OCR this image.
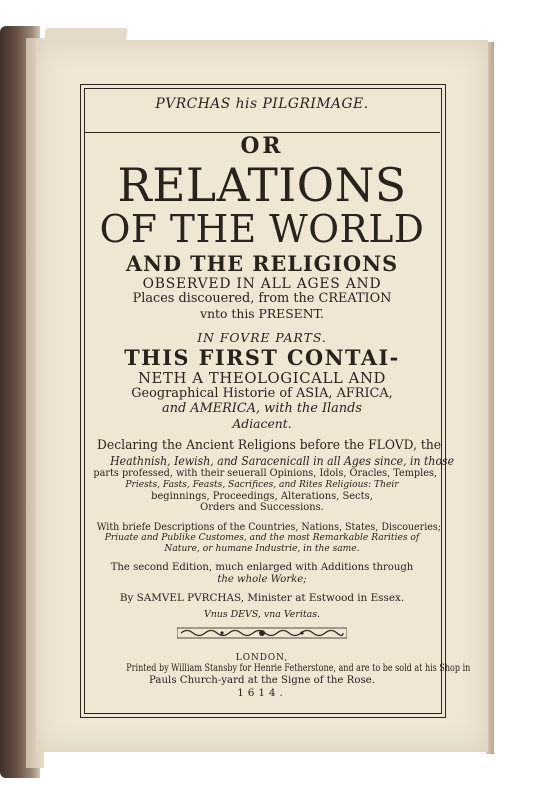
PVRCHAS his PILGRIMAGE.
OR
RELATIONS
OF THE WORLD
AND THE RELIGIONS
OBSERVED IN ALL AGES AND
Places discouered, from the CREATION
vnto this PRESENT.
IN FOVRE PARTS.
THIS FIRST CONTAI-
NETH A THEOLOGICALL AND
Geographical Historie of ASIA, AFRICA,
and AMERICA, with the Ilands
Adiacent.
Declaring the Ancient Religions before the FLOVD, the
Heathnish, Iewish, and Saracenicall in all Ages since, in those
parts professed, with their seuerall Opinions, Idols, Oracles, Temples,
Priests, Fasts, Feasts, Sacrifices, and Rites Religious: Their
beginnings, Proceedings, Alterations, Sects,
Orders and Successions.
With briefe Descriptions of the Countries, Nations, States, Discoueries;
Priuate and Publike Customes, and the most Remarkable Rarities of
Nature, or humane Industrie, in the same.
The second Edition, much enlarged with Additions through
the whole Worke;
By SAMVEL PVRCHAS, Minister at Estwood in Essex.
Vnus DEVS, vna Veritas.
LONDON,
Printed by William Stansby for Henrie Fetherstone, and are to be sold at his Shop in
Pauls Church-yard at the Signe of the Rose.
1614.
